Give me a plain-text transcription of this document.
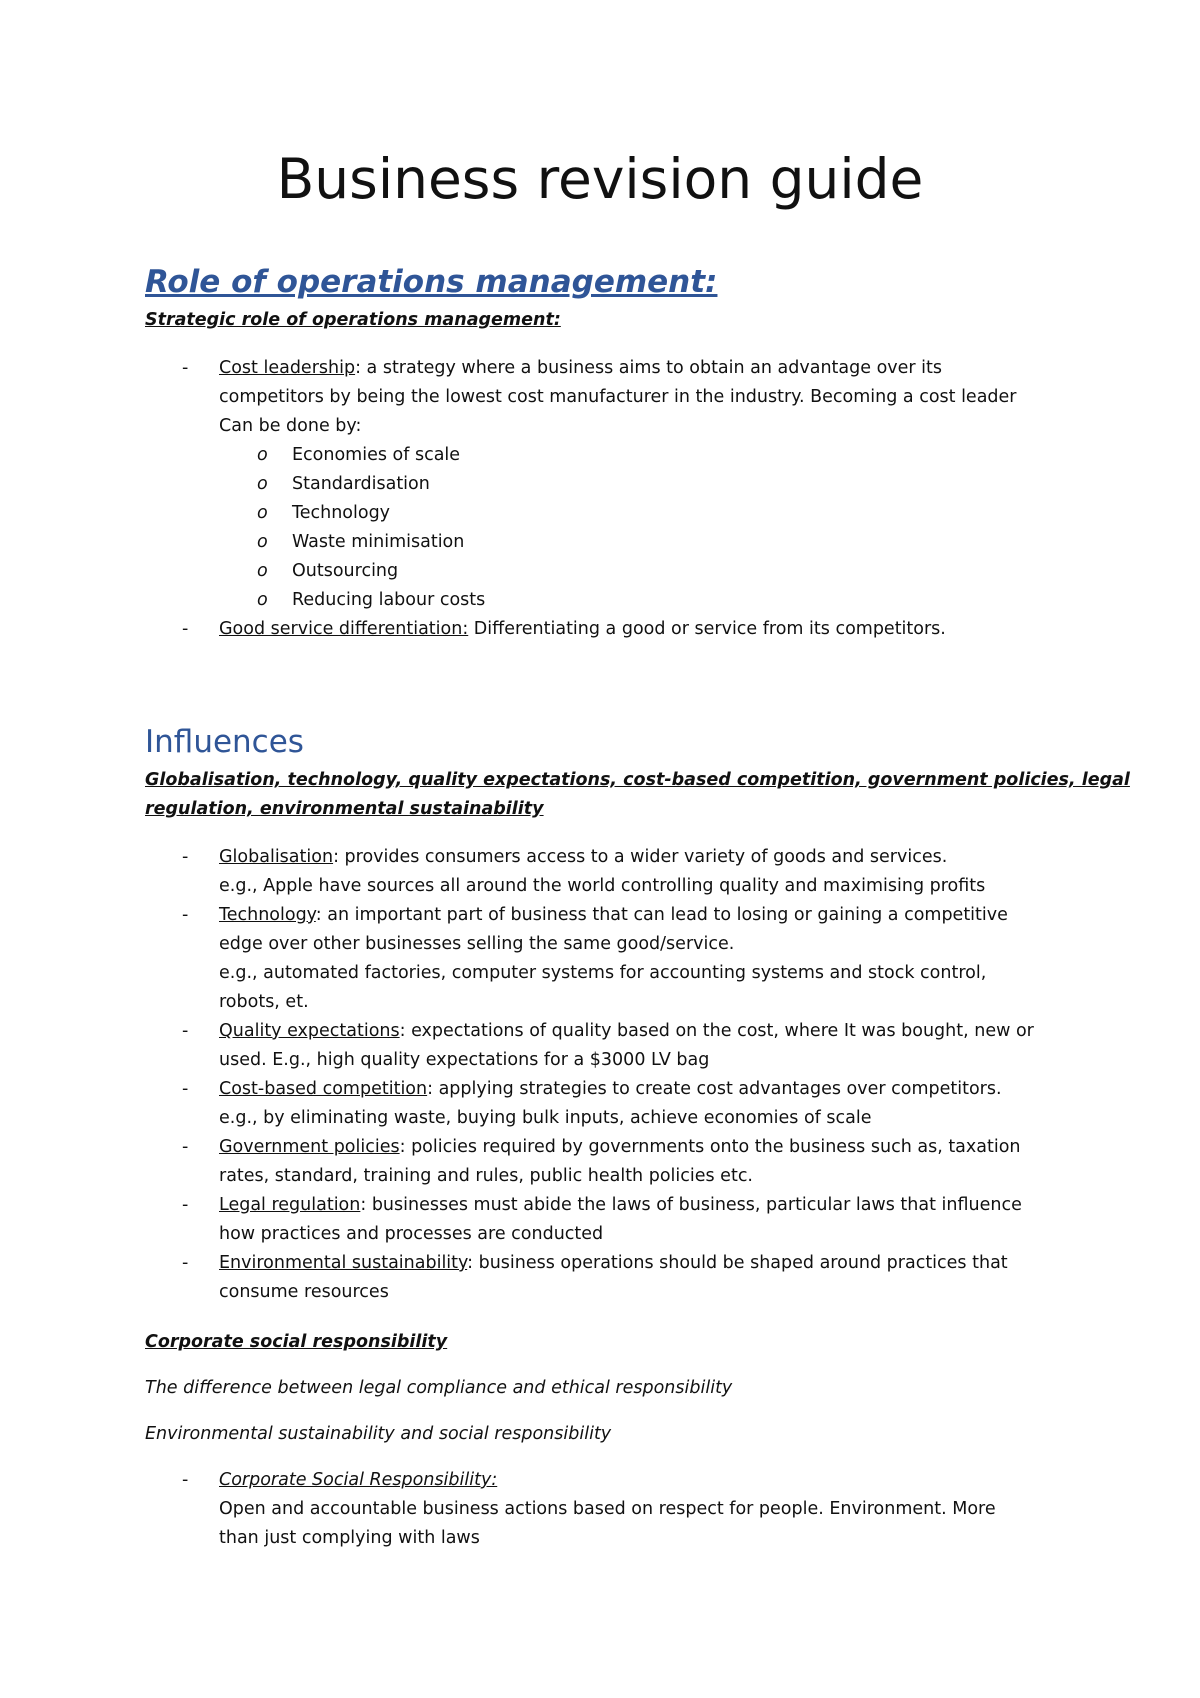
Business revision guide
Role of operations management:
Strategic role of operations management:
- Cost leadership: a strategy where a business aims to obtain an advantage over its
competitors by being the lowest cost manufacturer in the industry. Becoming a cost leader
Can be done by:
o Economies of scale
o Standardisation
o Technology
o Waste minimisation
o Outsourcing
o Reducing labour costs
- Good service differentiation: Differentiating a good or service from its competitors.
Influences
Globalisation, technology, quality expectations, cost-based competition, government policies, legal
regulation, environmental sustainability
- Globalisation: provides consumers access to a wider variety of goods and services.
e.g., Apple have sources all around the world controlling quality and maximising profits
- Technology: an important part of business that can lead to losing or gaining a competitive
edge over other businesses selling the same good/service.
e.g., automated factories, computer systems for accounting systems and stock control,
robots, et.
- Quality expectations: expectations of quality based on the cost, where It was bought, new or
used. E.g., high quality expectations for a $3000 LV bag
- Cost-based competition: applying strategies to create cost advantages over competitors.
e.g., by eliminating waste, buying bulk inputs, achieve economies of scale
- Government policies: policies required by governments onto the business such as, taxation
rates, standard, training and rules, public health policies etc.
- Legal regulation: businesses must abide the laws of business, particular laws that influence
how practices and processes are conducted
- Environmental sustainability: business operations should be shaped around practices that
consume resources
Corporate social responsibility
The difference between legal compliance and ethical responsibility
Environmental sustainability and social responsibility
- Corporate Social Responsibility:
Open and accountable business actions based on respect for people. Environment. More
than just complying with laws
